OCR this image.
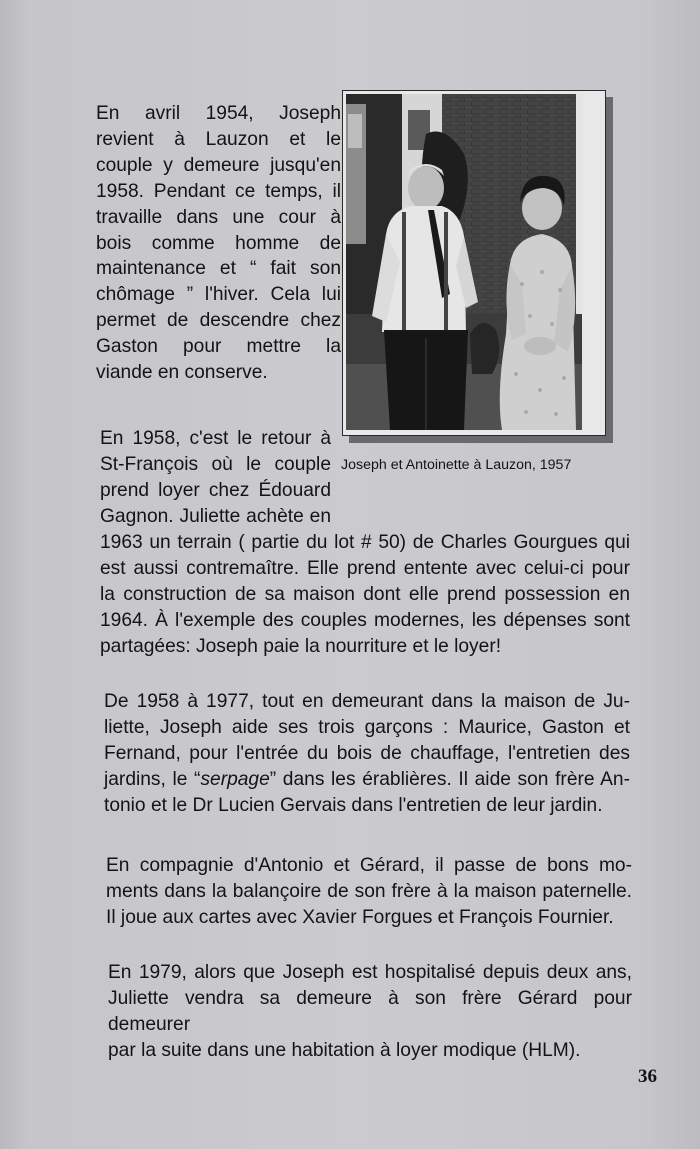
En avril 1954, Joseph
revient à Lauzon et le
couple y demeure jusqu'en
1958. Pendant ce temps, il
travaille dans une cour à
bois comme homme de
maintenance et “ fait son
chômage ” l'hiver. Cela lui
permet de descendre chez
Gaston pour mettre la
viande en conserve.
Joseph et Antoinette à Lauzon, 1957
En 1958, c'est le retour à
St-François où le couple
prend loyer chez Édouard
Gagnon. Juliette achète en
1963 un terrain ( partie du lot # 50) de Charles Gourgues qui
est aussi contremaître. Elle prend entente avec celui-ci pour
la construction de sa maison dont elle prend possession en
1964. À l'exemple des couples modernes, les dépenses sont
partagées: Joseph paie la nourriture et le loyer!
De 1958 à 1977, tout en demeurant dans la maison de Ju-
liette, Joseph aide ses trois garçons : Maurice, Gaston et
Fernand, pour l'entrée du bois de chauffage, l'entretien des
jardins, le “serpage” dans les érablières. Il aide son frère An-
tonio et le Dr Lucien Gervais dans l'entretien de leur jardin.
En compagnie d'Antonio et Gérard, il passe de bons mo-
ments dans la balançoire de son frère à la maison paternelle.
Il joue aux cartes avec Xavier Forgues et François Fournier.
En 1979, alors que Joseph est hospitalisé depuis deux ans,
Juliette vendra sa demeure à son frère Gérard pour demeurer
par la suite dans une habitation à loyer modique (HLM).
36
